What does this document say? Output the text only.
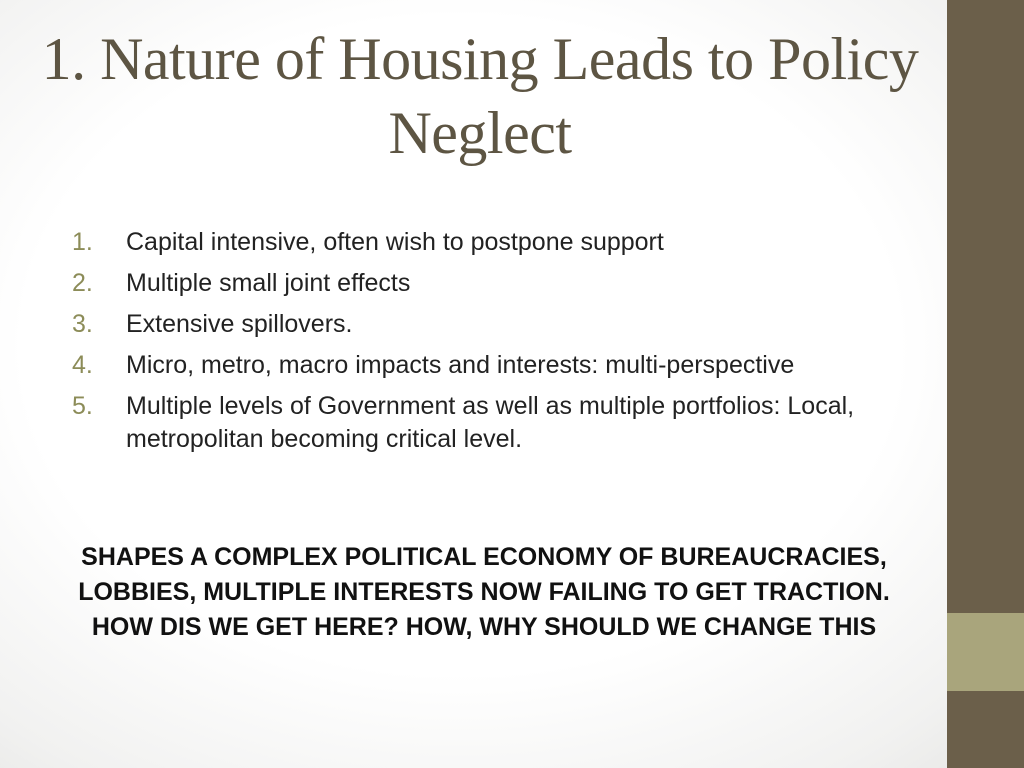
1. Nature of Housing Leads to Policy Neglect
1.	Capital intensive, often wish to postpone support
2.	Multiple small joint effects
3.	Extensive spillovers.
4.	Micro, metro, macro impacts and interests: multi-perspective
5.	Multiple levels of Government as well as multiple portfolios: Local, metropolitan becoming critical level.

SHAPES A COMPLEX POLITICAL ECONOMY OF BUREAUCRACIES, LOBBIES, MULTIPLE INTERESTS NOW FAILING TO GET TRACTION. HOW DIS WE GET HERE? HOW, WHY SHOULD WE CHANGE THIS
